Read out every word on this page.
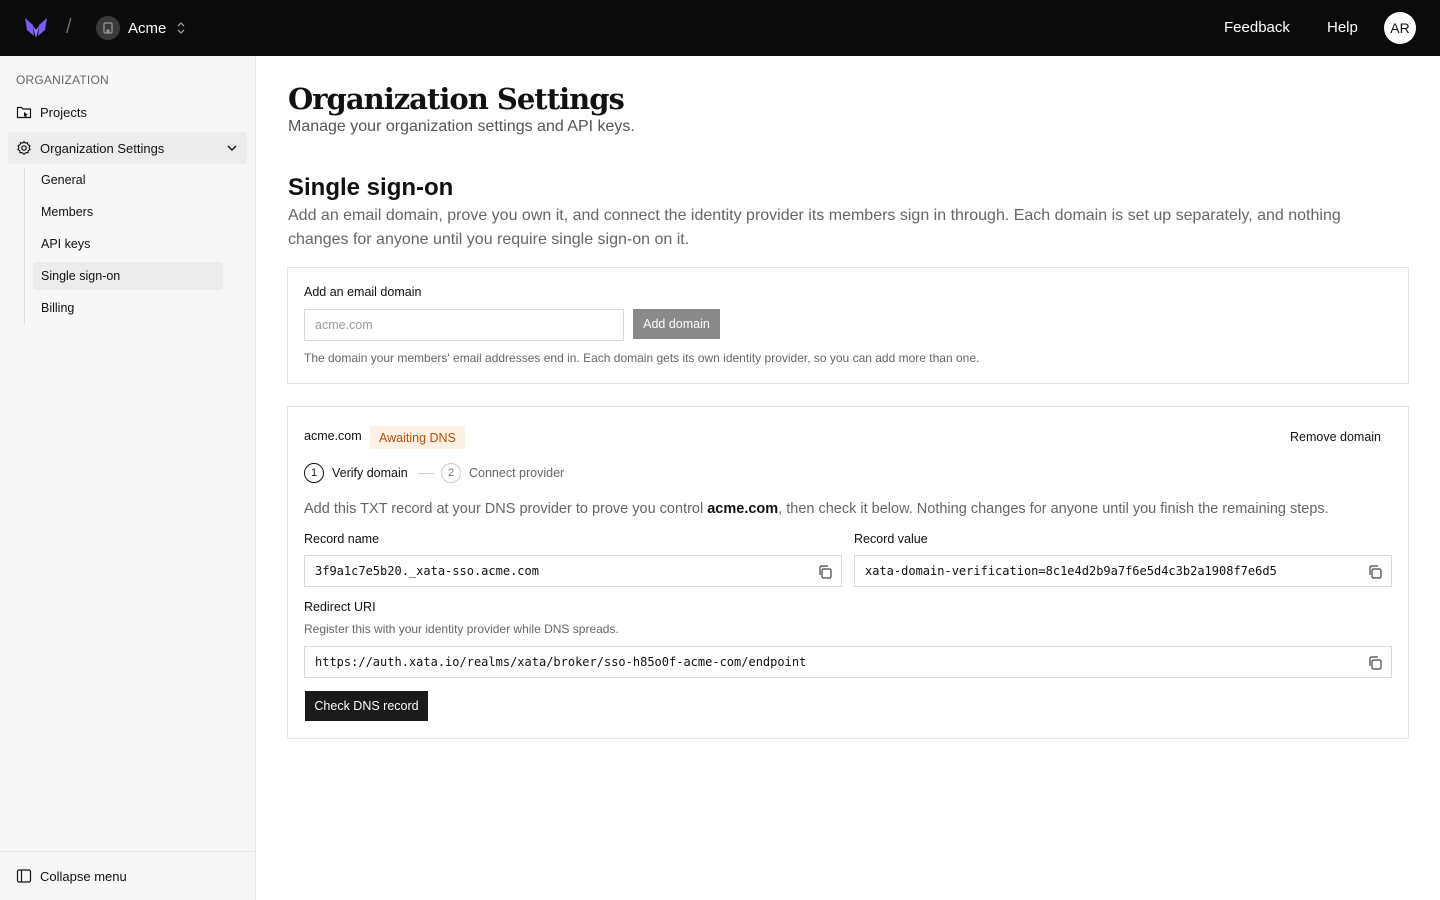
/	Acme	Feedback Help	AR
ORGANIZATION
Projects
Organization Settings
General
Members
API keys
Single sign-on
Billing
Collapse menu
Organization Settings

Manage your organization settings and API keys.

Single sign-on

Add an email domain, prove you own it, and connect the identity provider its members sign in through. Each domain is set up separately, and nothing changes for anyone until you require single sign-on on it.

Add an email domain
acme.com	Add domain
The domain your members' email addresses end in. Each domain gets its own identity provider, so you can add more than one.
acme.com	Awaiting DNS	Remove domain
1	Verify domain	2	Connect provider

Add this TXT record at your DNS provider to prove you control acme.com, then check it below. Nothing changes for anyone until you finish the remaining steps.

Record name
3f9a1c7e5b20._xata-sso.acme.com
Record value
xata-domain-verification=8c1e4d2b9a7f6e5d4c3b2a1908f7e6d5
Redirect URI
Register this with your identity provider while DNS spreads.
https://auth.xata.io/realms/xata/broker/sso-h85o0f-acme-com/endpoint
Check DNS record
